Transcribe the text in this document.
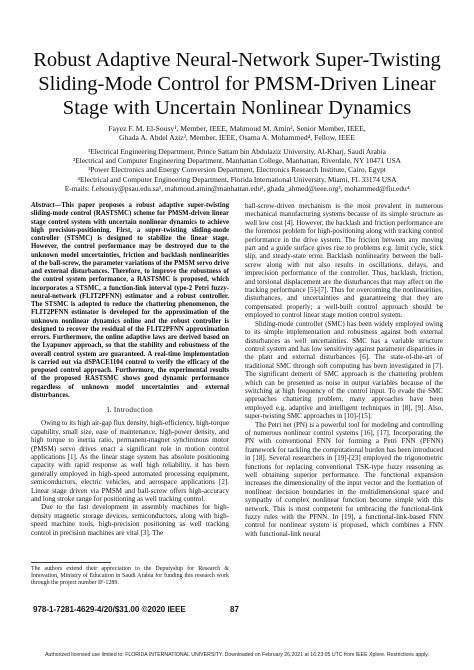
Robust Adaptive Neural-Network Super-Twisting Sliding-Mode Control for PMSM-Driven Linear Stage with Uncertain Nonlinear Dynamics
Fayez F. M. El-Sousy¹, Member, IEEE, Mahmoud M. Amin², Senior Member, IEEE,
Ghada A. Abdel Aziz³, Member, IEEE, Osama A. Mohammed⁴, Fellow, IEEE
¹Electrical Engineering Department, Prince Sattam bin Abdulaziz University, Al-Kharj, Saudi Arabia
²Electrical and Computer Engineering Department, Manhattan College, Manhattan, Riverdale, NY 10471 USA
³Power Electronics and Energy Conversion Department, Electronics Research Institute, Cairo, Egypt
⁴Electrical and Computer Engineering Department, Florida International University, Miami, FL 33174 USA
E-mails: f.elsousy@psau.edu.sa¹, mahmoud.amin@manhattan.edu², ghada_ahmed@ieee.org³, mohammed@fiu.edu⁴

Abstract—This paper proposes a robust adaptive super-twisting sliding-mode control (RASTSMC) scheme for PMSM-driven linear stage control system with uncertain nonlinear dynamics to achieve high precision-positioning. First, a super-twisting sliding-mode controller (STSMC) is designed to stabilize the linear stage. However, the control performance may be destroyed due to the unknown model uncertainties, friction and backlash nonlinearities of the ball-screw, the parameter variations of the PMSM servo drive and external disturbances. Therefore, to improve the robustness of the control system performance, a RASTSMC is proposed, which incorporates a STSMC, a function-link interval type-2 Petri fuzzy-neural-network (FLIT2PFNN) estimator and a robust controller. The STSMC is adopted to reduce the chattering phenomenon, the FLIT2PFNN estimator is developed for the approximation of the unknown nonlinear dynamics online and the robust controller is designed to recover the residual of the FLIT2PFNN approximation errors. Furthermore, the online adaptive laws are derived based on the Lyapunov approach, so that the stability and robustness of the overall control system are guaranteed. A real-time implementation is carried out via dSPACE1104 control to verify the efficacy of the proposed control approach. Furthermore, the experimental results of the proposed RASTSMC shows good dynamic performance regardless of unknown model uncertainties and external disturbances.

I. Introduction

Owing to its high air-gap flux density, high-efficiency, high-torque capability, small size, ease of maintenance, high-power density, and high torque to inertia ratio, permanent-magnet synchronous motor (PMSM) servo drives enact a significant role in motion control applications [1]. As the linear stage system has absolute positioning capacity with rapid response as well high reliability, it has been generally employed in high-speed automated processing equipment, semiconductors, electric vehicles, and aerospace applications [2]. Linear stage driven via PMSM and ball-screw offers high-accuracy and long stroke range for positioning as well tracking control.

Due to the fast development in assembly machines for high-density magnetic storage devices, semiconductors, along with high-speed machine tools, high-precision positioning as well tracking control in precision machines are vital [3]. The

ball-screw-driven mechanism is the most prevalent in numerous mechanical manufacturing systems because of its simple structure as well low cost [4]. However, the backlash and friction performance are the foremost problem for high-positioning along with tracking control performance in the drive system. The friction between any moving part and a guide surface gives rise to problems e.g. limit cycle, stick slip, and steady-state error. Backlash nonlinearity between the ball-screw along with nut also results in oscillations, delays, and imprecision performance of the controller. Thus, backlash, friction, and torsional displacement are the disturbances that may affect on the tracking performance [5]-[7]. Thus for overcoming the nonlinearities, disturbances, and uncertainties and guaranteeing that they are compensated properly; a well-built control approach should be employed to control linear stage motion control system.

Sliding-mode controller (SMC) has been widely employed owing to its simple implementation and robustness against both external disturbances as well uncertainties. SMC has a variable structure control system and has low sensitivity against parameter disparities in the plant and external disturbances [6]. The state-of-the-art of traditional SMC through soft computing has been investigated in [7]. The significant demerit of SMC approach is the chattering problem which can be presented as noise in output variables because of the switching at high frequency of the control input. To evade the SMC approaches chattering problem, many approaches have been employed e.g. adaptive and intelligent techniques in [8], [9]. Also, super-twisting SMC approaches in [10]-[15].

The Petri net (PN) is a powerful tool for modeling and controlling of numerous nonlinear control systems [16], [17]. Incorporating the PN with conventional FNN for forming a Petri FNN (PFNN) framework for tackling the computational burden has been introduced in [18]. Several researchers in [19]-[23] employed the trigonometric functions for replacing conventional TSK-type fuzzy reasoning as well obtaining superior performance. The functional expansion increases the dimensionality of the input vector and the formation of nonlinear decision boundaries in the multidimensional space and sympathy of complex nonlinear function become simple with this network. This is most competent for embracing the functional-link fuzzy rules with the PFNN. In [19], a functional-link-based FNN control for nonlinear system is proposed, which combines a FNN with functional-link neural

The authors extend their appreciation to the Deputyship for Research & Innovation, Ministry of Education in Saudi Arabia for funding this research work through the project number IF-1289.
978-1-7281-4629-4/20/$31.00 ©2020 IEEE	87
Authorized licensed use limited to: FLORIDA INTERNATIONAL UNIVERSITY. Downloaded on February 26,2021 at 16:23:05 UTC from IEEE Xplore. Restrictions apply.
